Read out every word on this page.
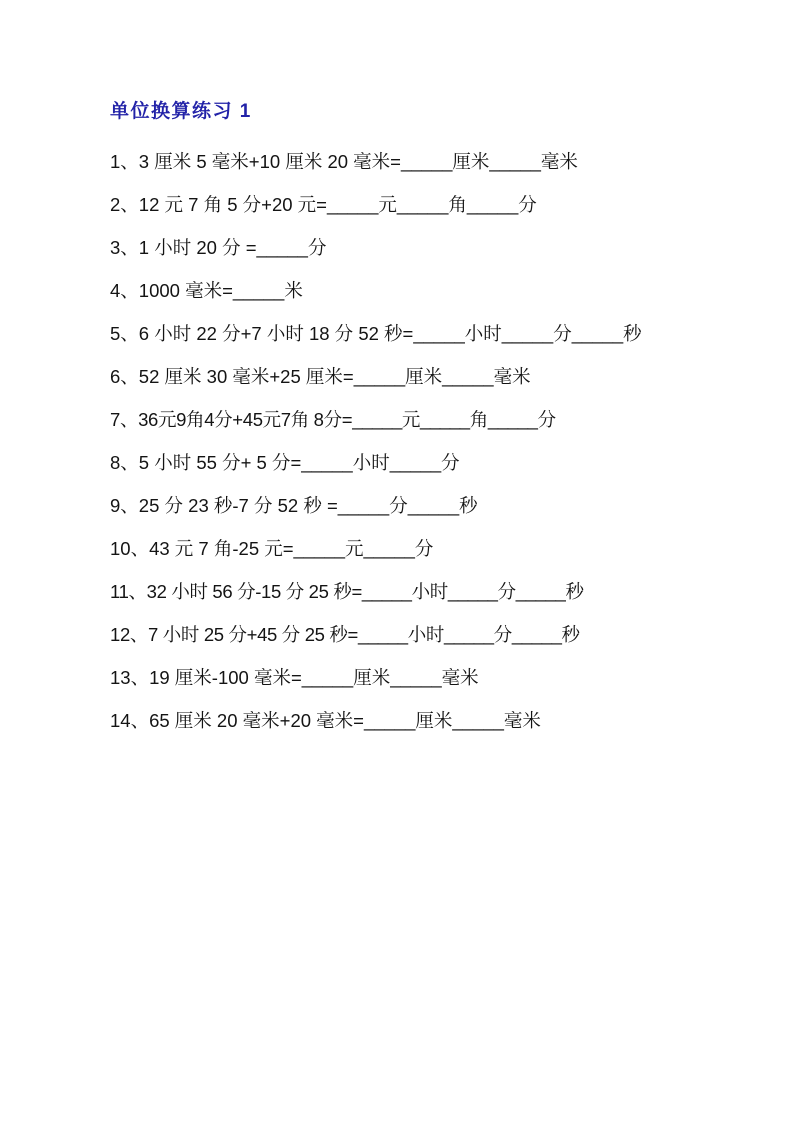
单位换算练习 1
1、3 厘米 5 毫米+10 厘米 20 毫米=_____厘米_____毫米
2、12 元 7 角 5 分+20 元=_____元_____角_____分
3、1 小时 20 分 =_____分
4、1000 毫米=_____米
5、6 小时 22 分+7 小时 18 分 52 秒=_____小时_____分_____秒
6、52 厘米 30 毫米+25 厘米=_____厘米_____毫米
7、36元9角4分+45元7角 8分=_____元_____角_____分
8、5 小时 55 分+ 5 分=_____小时_____分
9、25 分 23 秒-7 分 52 秒 =_____分_____秒
10、43 元 7 角-25 元=_____元_____分
11、32 小时 56 分-15 分 25 秒=_____小时_____分_____秒
12、7 小时 25 分+45 分 25 秒=_____小时_____分_____秒
13、19 厘米-100 毫米=_____厘米_____毫米
14、65 厘米 20 毫米+20 毫米=_____厘米_____毫米
